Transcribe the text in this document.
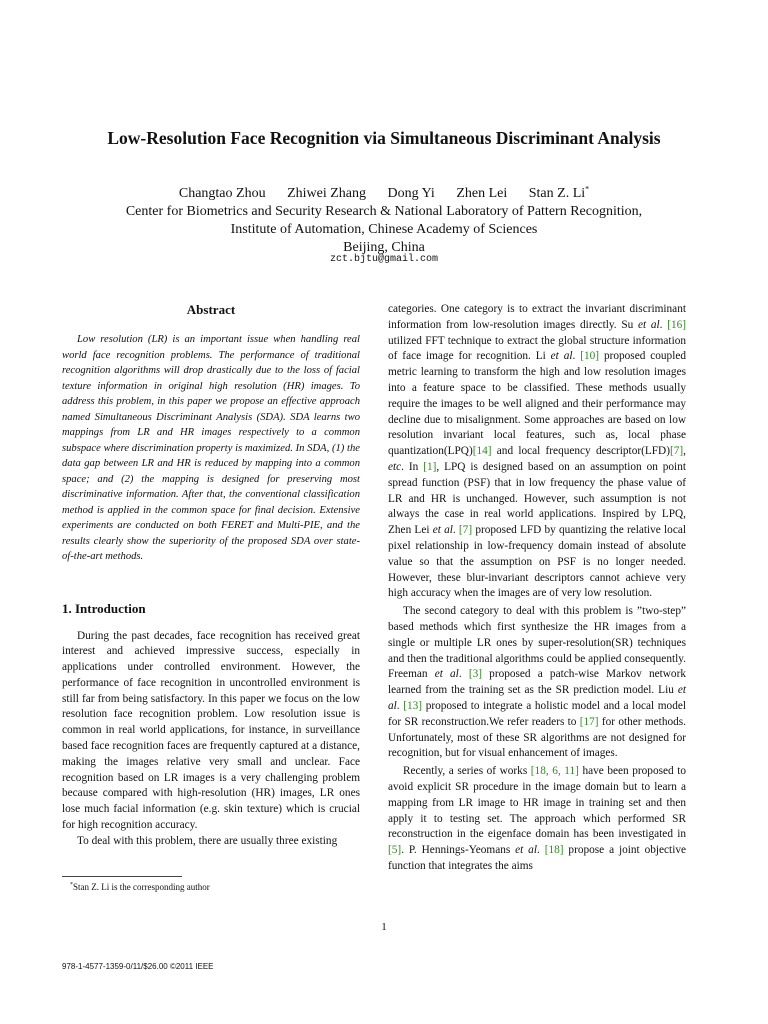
Low-Resolution Face Recognition via Simultaneous Discriminant Analysis
Changtao Zhou Zhiwei Zhang Dong Yi Zhen Lei Stan Z. Li*
Center for Biometrics and Security Research & National Laboratory of Pattern Recognition,
Institute of Automation, Chinese Academy of Sciences
Beijing, China
zct.bjtu@gmail.com
Abstract

Low resolution (LR) is an important issue when handling real world face recognition problems. The performance of traditional recognition algorithms will drop drastically due to the loss of facial texture information in original high resolution (HR) images. To address this problem, in this paper we propose an effective approach named Simultaneous Discriminant Analysis (SDA). SDA learns two mappings from LR and HR images respectively to a common subspace where discrimination property is maximized. In SDA, (1) the data gap between LR and HR is reduced by mapping into a common space; and (2) the mapping is designed for preserving most discriminative information. After that, the conventional classification method is applied in the common space for final decision. Extensive experiments are conducted on both FERET and Multi-PIE, and the results clearly show the superiority of the proposed SDA over state-of-the-art methods.

1. Introduction

During the past decades, face recognition has received great interest and achieved impressive success, especially in applications under controlled environment. However, the performance of face recognition in uncontrolled environment is still far from being satisfactory. In this paper we focus on the low resolution face recognition problem. Low resolution issue is common in real world applications, for instance, in surveillance based face recognition faces are frequently captured at a distance, making the images relative very small and unclear. Face recognition based on LR images is a very challenging problem because compared with high-resolution (HR) images, LR ones lose much facial information (e.g. skin texture) which is crucial for high recognition accuracy.

To deal with this problem, there are usually three existing

categories. One category is to extract the invariant discriminant information from low-resolution images directly. Su et al. [16] utilized FFT technique to extract the global structure information of face image for recognition. Li et al. [10] proposed coupled metric learning to transform the high and low resolution images into a feature space to be classified. These methods usually require the images to be well aligned and their performance may decline due to misalignment. Some approaches are based on low resolution invariant local features, such as, local phase quantization(LPQ)[14] and local frequency descriptor(LFD)[7], etc. In [1], LPQ is designed based on an assumption on point spread function (PSF) that in low frequency the phase value of LR and HR is unchanged. However, such assumption is not always the case in real world applications. Inspired by LPQ, Zhen Lei et al. [7] proposed LFD by quantizing the relative local pixel relationship in low-frequency domain instead of absolute value so that the assumption on PSF is no longer needed. However, these blur-invariant descriptors cannot achieve very high accuracy when the images are of very low resolution.

The second category to deal with this problem is ”two-step” based methods which first synthesize the HR images from a single or multiple LR ones by super-resolution(SR) techniques and then the traditional algorithms could be applied consequently. Freeman et al. [3] proposed a patch-wise Markov network learned from the training set as the SR prediction model. Liu et al. [13] proposed to integrate a holistic model and a local model for SR reconstruction.We refer readers to [17] for other methods. Unfortunately, most of these SR algorithms are not designed for recognition, but for visual enhancement of images.

Recently, a series of works [18, 6, 11] have been proposed to avoid explicit SR procedure in the image domain but to learn a mapping from LR image to HR image in training set and then apply it to testing set. The approach which performed SR reconstruction in the eigenface domain has been investigated in [5]. P. Hennings-Yeomans et al. [18] propose a joint objective function that integrates the aims

*Stan Z. Li is the corresponding author
1
978-1-4577-1359-0/11/$26.00 ©2011 IEEE
